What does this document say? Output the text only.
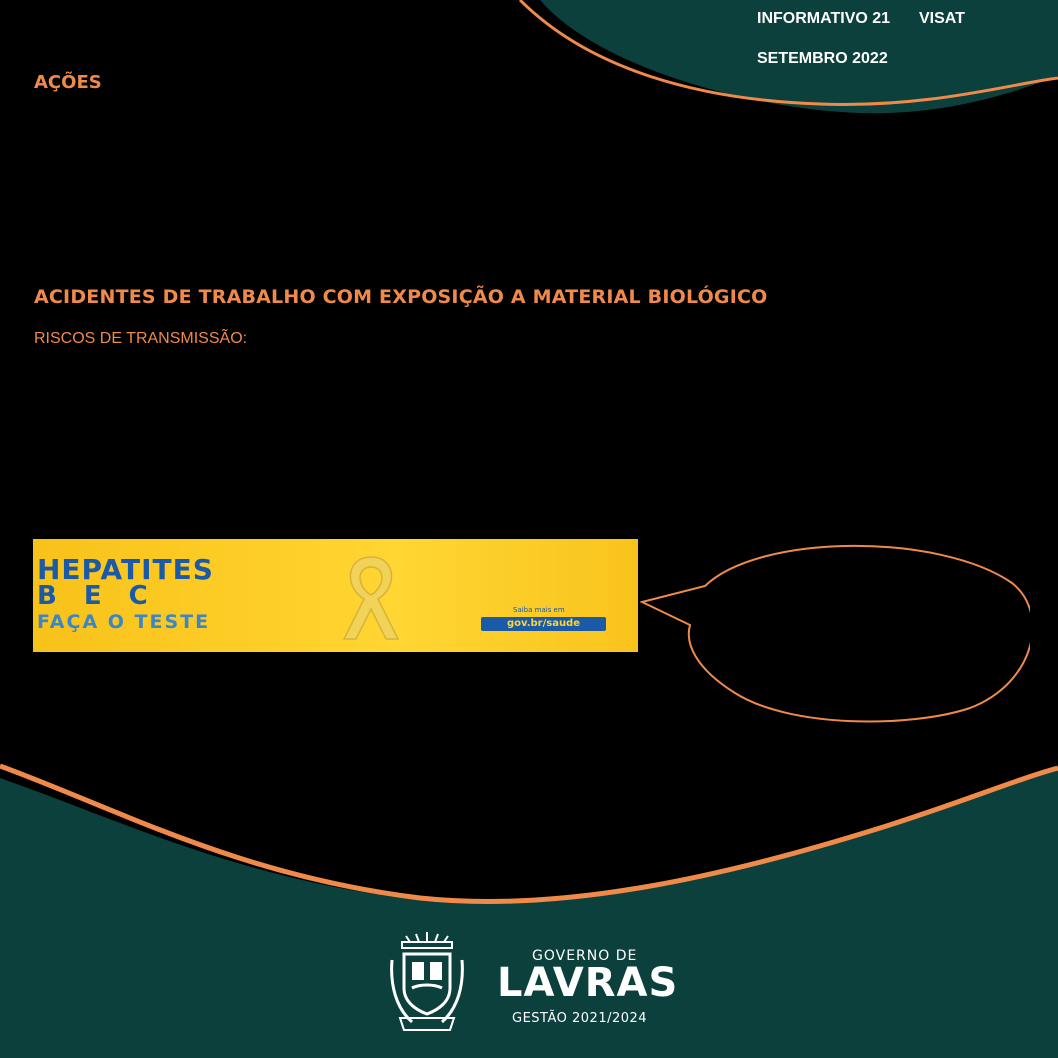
INFORMATIVO 21 VISAT
SETEMBRO 2022
AÇÕES
ACIDENTES DE TRABALHO COM EXPOSIÇÃO A MATERIAL BIOLÓGICO
RISCOS DE TRANSMISSÃO:
HEPATITES
B E C
FAÇA O TESTE
Saiba mais em
gov.br/saude
GOVERNO DE
LAVRAS
GESTÃO 2021/2024
